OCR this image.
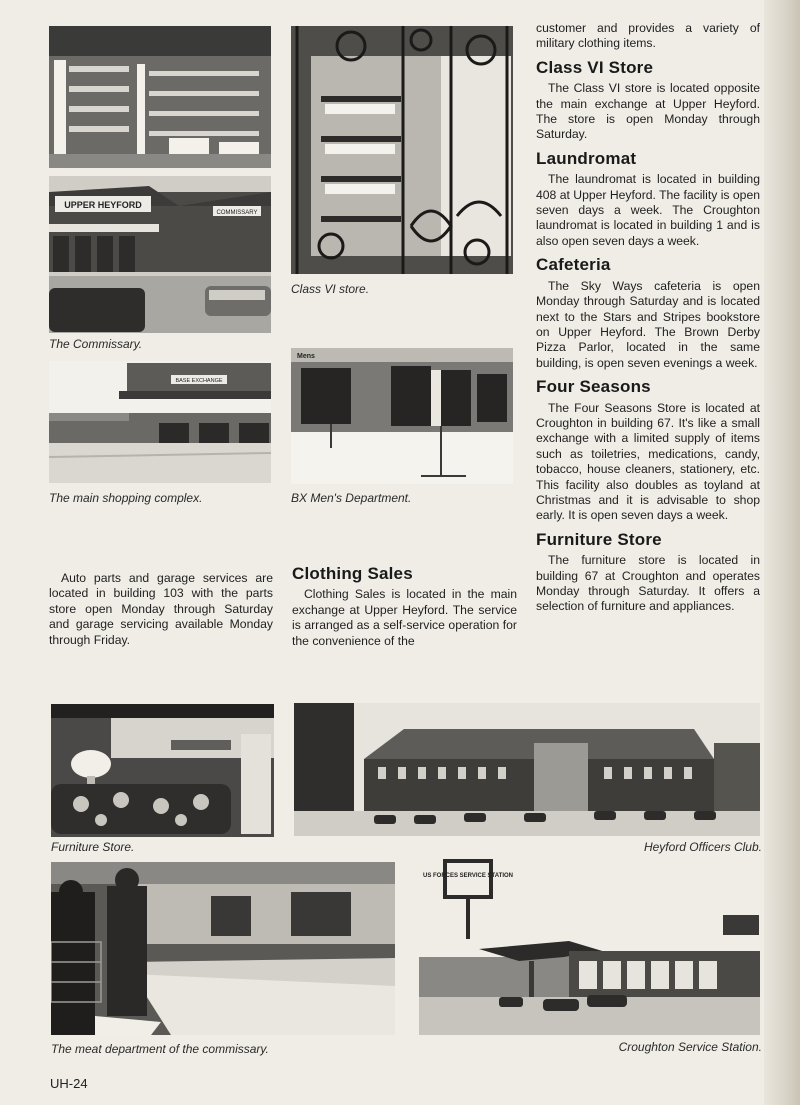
UPPER HEYFORD
COMMISSARY
The Commissary.
BASE EXCHANGE
The main shopping complex.
Class VI store.
Mens
BX Men's Department.

Auto parts and garage services are located in building 103 with the parts store open Monday through Saturday and garage servicing available Monday through Friday.

Clothing Sales

Clothing Sales is located in the main exchange at Upper Heyford. The service is arranged as a self-service operation for the convenience of the

customer and provides a variety of military clothing items.

Class VI Store

The Class VI store is located opposite the main exchange at Upper Heyford. The store is open Monday through Saturday.

Laundromat

The laundromat is located in building 408 at Upper Heyford. The facility is open seven days a week. The Croughton laundromat is located in building 1 and is also open seven days a week.

Cafeteria

The Sky Ways cafeteria is open Monday through Saturday and is located next to the Stars and Stripes bookstore on Upper Heyford. The Brown Derby Pizza Parlor, located in the same building, is open seven evenings a week.

Four Seasons

The Four Seasons Store is located at Croughton in building 67. It's like a small exchange with a limited supply of items such as toiletries, medications, candy, tobacco, house cleaners, stationery, etc. This facility also doubles as toyland at Christmas and it is advisable to shop early. It is open seven days a week.

Furniture Store

The furniture store is located in building 67 at Croughton and operates Monday through Saturday. It offers a selection of furniture and appliances.

Furniture Store.	Heyford Officers Club.
The meat department of the commissary.
US FORCES SERVICE STATION
Croughton Service Station.
UH-24
